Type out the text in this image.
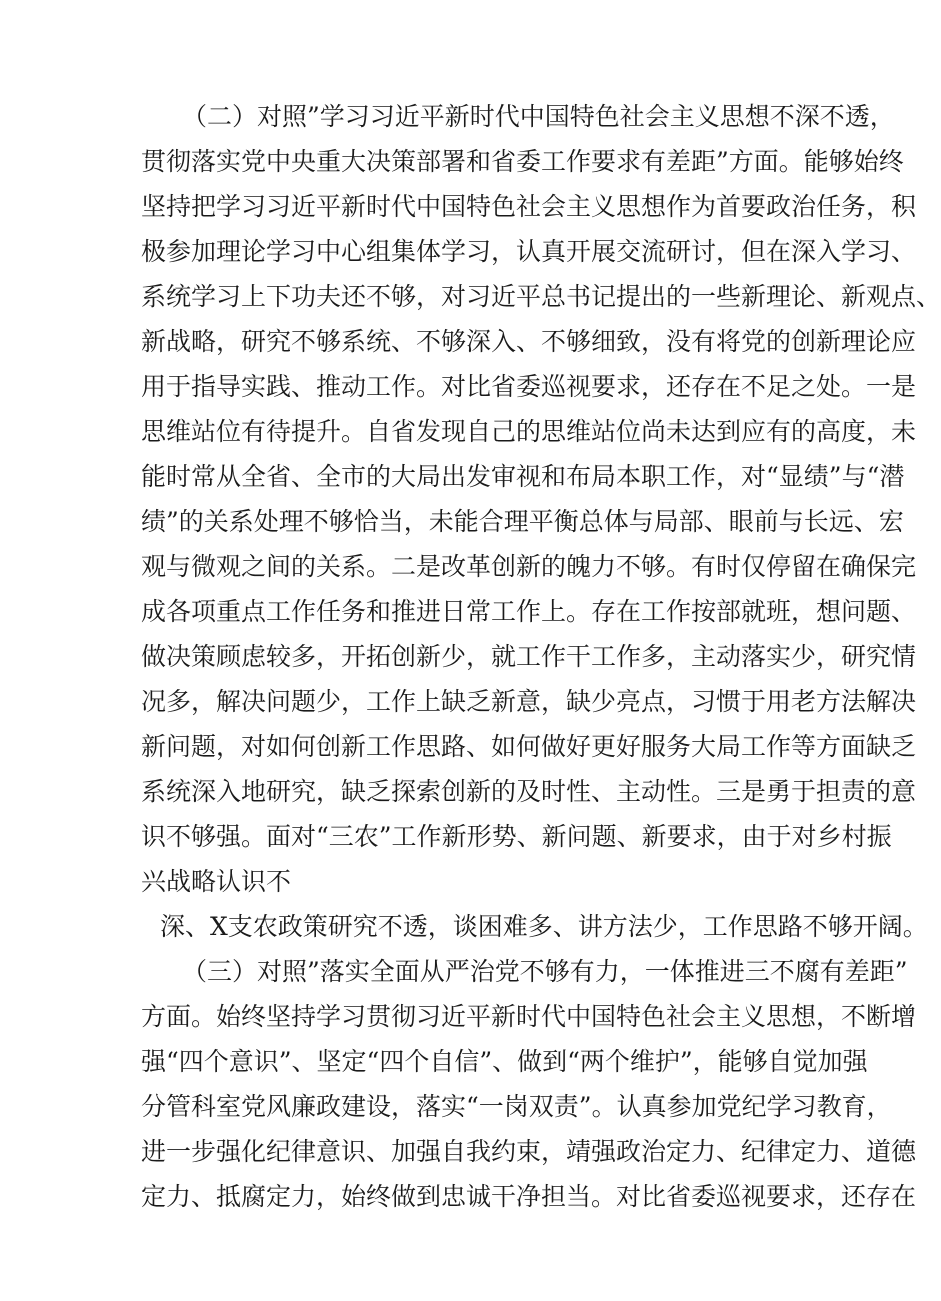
（二）对照”学习习近平新时代中国特色社会主义思想不深不透，
贯彻落实党中央重大决策部署和省委工作要求有差距”方面。能够始终
坚持把学习习近平新时代中国特色社会主义思想作为首要政治任务，积
极参加理论学习中心组集体学习，认真开展交流研讨，但在深入学习、
系统学习上下功夫还不够，对习近平总书记提出的一些新理论、新观点、
新战略，研究不够系统、不够深入、不够细致，没有将党的创新理论应
用于指导实践、推动工作。对比省委巡视要求，还存在不足之处。一是
思维站位有待提升。自省发现自己的思维站位尚未达到应有的高度，未
能时常从全省、全市的大局出发审视和布局本职工作，对“显绩”与“潜
绩”的关系处理不够恰当，未能合理平衡总体与局部、眼前与长远、宏
观与微观之间的关系。二是改革创新的魄力不够。有时仅停留在确保完
成各项重点工作任务和推进日常工作上。存在工作按部就班，想问题、
做决策顾虑较多，开拓创新少，就工作干工作多，主动落实少，研究情
况多，解决问题少，工作上缺乏新意，缺少亮点，习惯于用老方法解决
新问题，对如何创新工作思路、如何做好更好服务大局工作等方面缺乏
系统深入地研究，缺乏探索创新的及时性、主动性。三是勇于担责的意
识不够强。面对“三农”工作新形势、新问题、新要求，由于对乡村振
兴战略认识不
深、X支农政策研究不透，谈困难多、讲方法少，工作思路不够开阔。
（三）对照”落实全面从严治党不够有力，一体推进三不腐有差距”
方面。始终坚持学习贯彻习近平新时代中国特色社会主义思想，不断增
强“四个意识”、坚定“四个自信”、做到“两个维护”，能够自觉加强
分管科室党风廉政建设，落实“一岗双责”。认真参加党纪学习教育，
进一步强化纪律意识、加强自我约束，靖强政治定力、纪律定力、道德
定力、抵腐定力，始终做到忠诚干净担当。对比省委巡视要求，还存在
